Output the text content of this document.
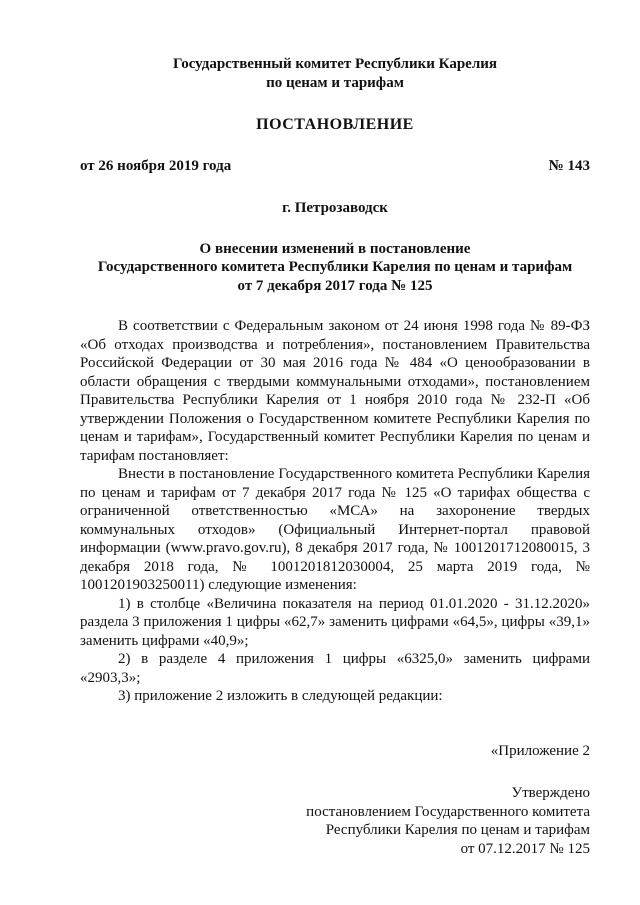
Государственный комитет Республики Карелия
по ценам и тарифам
ПОСТАНОВЛЕНИЕ
от 26 ноября 2019 года	№ 143
г. Петрозаводск
О внесении изменений в постановление
Государственного комитета Республики Карелия по ценам и тарифам
от 7 декабря 2017 года № 125

В соответствии с Федеральным законом от 24 июня 1998 года № 89-ФЗ «Об отходах производства и потребления», постановлением Правительства Российской Федерации от 30 мая 2016 года № 484 «О ценообразовании в области обращения с твердыми коммунальными отходами», постановлением Правительства Республики Карелия от 1 ноября 2010 года № 232-П «Об утверждении Положения о Государственном комитете Республики Карелия по ценам и тарифам», Государственный комитет Республики Карелия по ценам и тарифам постановляет:

Внести в постановление Государственного комитета Республики Карелия по ценам и тарифам от 7 декабря 2017 года № 125 «О тарифах общества с ограниченной ответственностью «МСА» на захоронение твердых коммунальных отходов» (Официальный Интернет-портал правовой информации (www.pravo.gov.ru), 8 декабря 2017 года, № 1001201712080015, 3 декабря 2018 года, № 1001201812030004, 25 марта 2019 года, № 1001201903250011) следующие изменения:

1) в столбце «Величина показателя на период 01.01.2020 - 31.12.2020» раздела 3 приложения 1 цифры «62,7» заменить цифрами «64,5», цифры «39,1» заменить цифрами «40,9»;

2) в разделе 4 приложения 1 цифры «6325,0» заменить цифрами «2903,3»;

3) приложение 2 изложить в следующей редакции:

«Приложение 2
Утверждено
постановлением Государственного комитета
Республики Карелия по ценам и тарифам
от 07.12.2017 № 125
